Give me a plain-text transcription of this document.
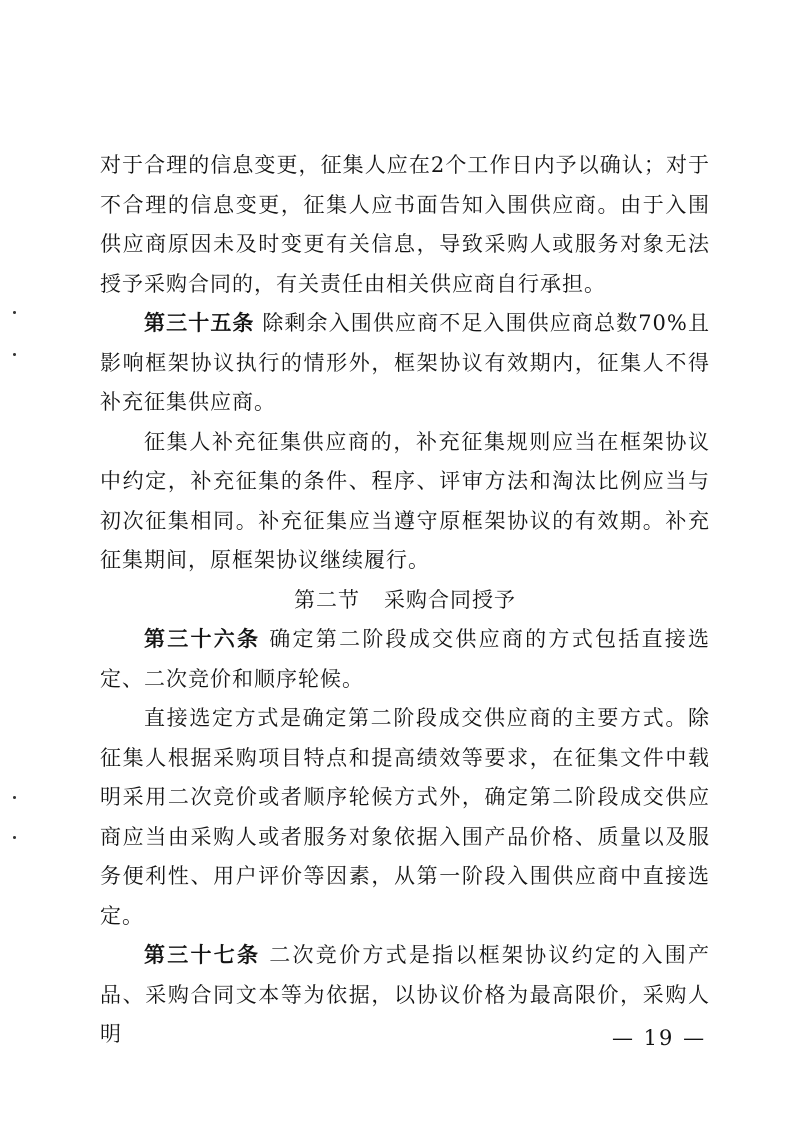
对于合理的信息变更，征集人应在2个工作日内予以确认；对于不合理的信息变更，征集人应书面告知入围供应商。由于入围供应商原因未及时变更有关信息，导致采购人或服务对象无法授予采购合同的，有关责任由相关供应商自行承担。

第三十五条 除剩余入围供应商不足入围供应商总数70%且影响框架协议执行的情形外，框架协议有效期内，征集人不得补充征集供应商。

征集人补充征集供应商的，补充征集规则应当在框架协议中约定，补充征集的条件、程序、评审方法和淘汰比例应当与初次征集相同。补充征集应当遵守原框架协议的有效期。补充征集期间，原框架协议继续履行。

第二节 采购合同授予

第三十六条 确定第二阶段成交供应商的方式包括直接选定、二次竞价和顺序轮候。

直接选定方式是确定第二阶段成交供应商的主要方式。除征集人根据采购项目特点和提高绩效等要求，在征集文件中载明采用二次竞价或者顺序轮候方式外，确定第二阶段成交供应商应当由采购人或者服务对象依据入围产品价格、质量以及服务便利性、用户评价等因素，从第一阶段入围供应商中直接选定。

第三十七条 二次竞价方式是指以框架协议约定的入围产品、采购合同文本等为依据，以协议价格为最高限价，采购人明	— 19 —
